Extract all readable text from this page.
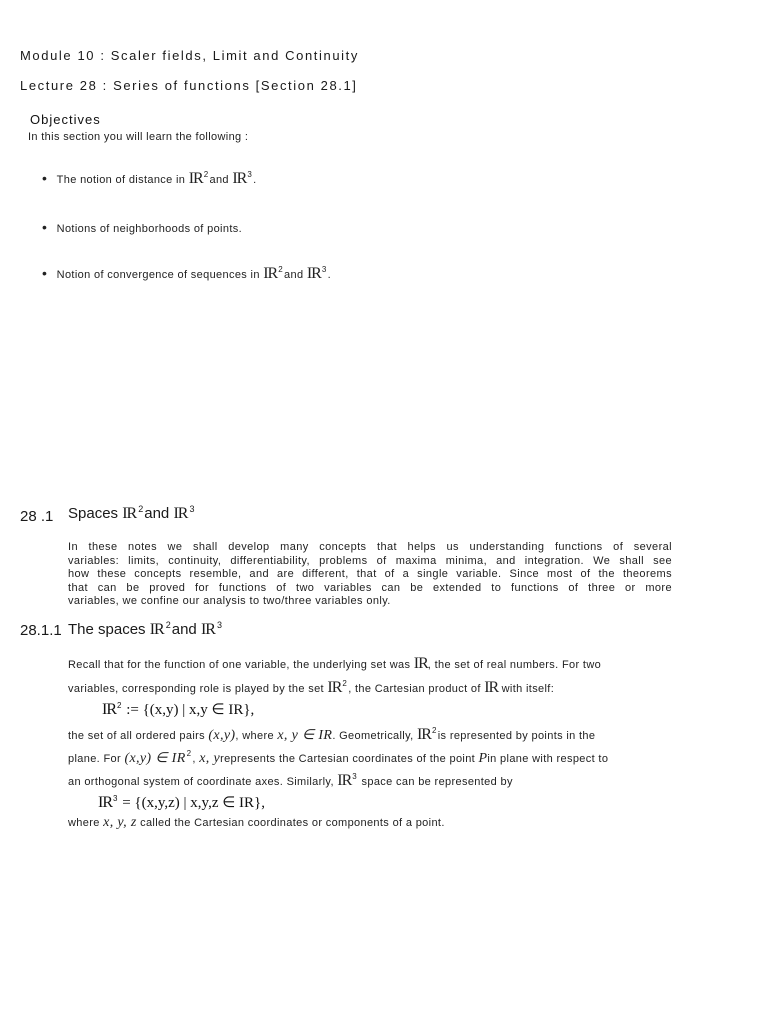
Module 10 : Scaler fields, Limit and Continuity
Lecture 28 : Series of functions [Section 28.1]
Objectives
In this section you will learn the following :
• The notion of distance in $IR^2and$ $IR^3$.
• Notions of neighborhoods of points.
• Notion of convergence of sequences in $IR^2and$ $IR^3$.
28 .1 Spaces IR $^2$and IR $^3$
In these notes we shall develop many concepts that helps us understanding functions of several
variables: limits, continuity, differentiability, problems of maxima minima, and integration. We shall see
how these concepts resemble, and are different, that of a single variable. Since most of the theorems
that can be proved for functions of two variables can be extended to functions of three or more
variables, we confine our analysis to two/three variables only.
28.1.1 The spaces IR $^2$and IR $^3$
Recall that for the function of one variable, the underlying set was IR, the set of real numbers. For two
variables, corresponding role is played by the set $IR^2$, the Cartesian product of IR with itself:
$IR^2$ := {(x,y) | x,y ∈ IR},
the set of all ordered pairs (x,y), where x, y ∈ IR. Geometrically, $IR^2is$ represented by points in the
plane. For (x,y) ∈ $IR^2$, x, yrepresents the Cartesian coordinates of the point Pin plane with respect to
an orthogonal system of coordinate axes. Similarly, $IR^3$ space can be represented by
$IR^3 = \{(x,y,z)$ | x,y,z ∈ IR},
where x, y, z called the Cartesian coordinates or components of a point.
